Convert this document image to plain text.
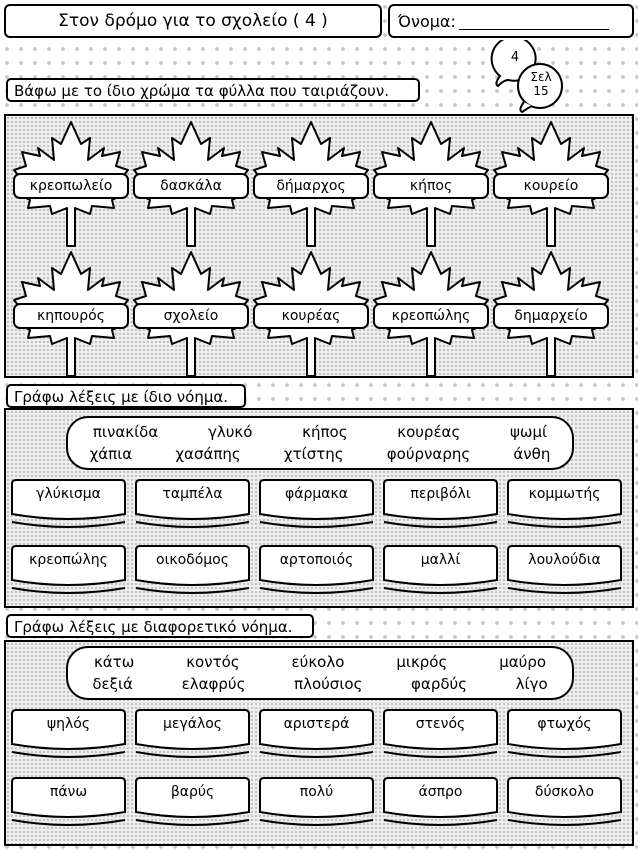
Στον δρόμο για το σχολείο ( 4 )	Όνομα:
4
Σελ
15
Βάφω με το ίδιο χρώμα τα φύλλα που ταιριάζουν.
Γράφω λέξεις με ίδιο νόημα.
πινακίδα	γλυκό	κήπος	κουρέας	ψωμί
χάπια	χασάπης	χτίστης	φούρναρης	άνθη
Γράφω λέξεις με διαφορετικό νόημα.
κάτω	κοντός	εύκολο	μικρός	μαύρο
δεξιά	ελαφρύς	πλούσιος	φαρδύς	λίγο
κρεοπωλείο	δασκάλα	δήμαρχος	κήπος	κουρείο
κηπουρός	σχολείο	κουρέας	κρεοπώλης	δημαρχείο
γλύκισμα	ταμπέλα	φάρμακα	περιβόλι	κομμωτής
κρεοπώλης	οικοδόμος	αρτοποιός	μαλλί	λουλούδια
ψηλός	μεγάλος	αριστερά	στενός	φτωχός
πάνω	βαρύς	πολύ	άσπρο	δύσκολο
